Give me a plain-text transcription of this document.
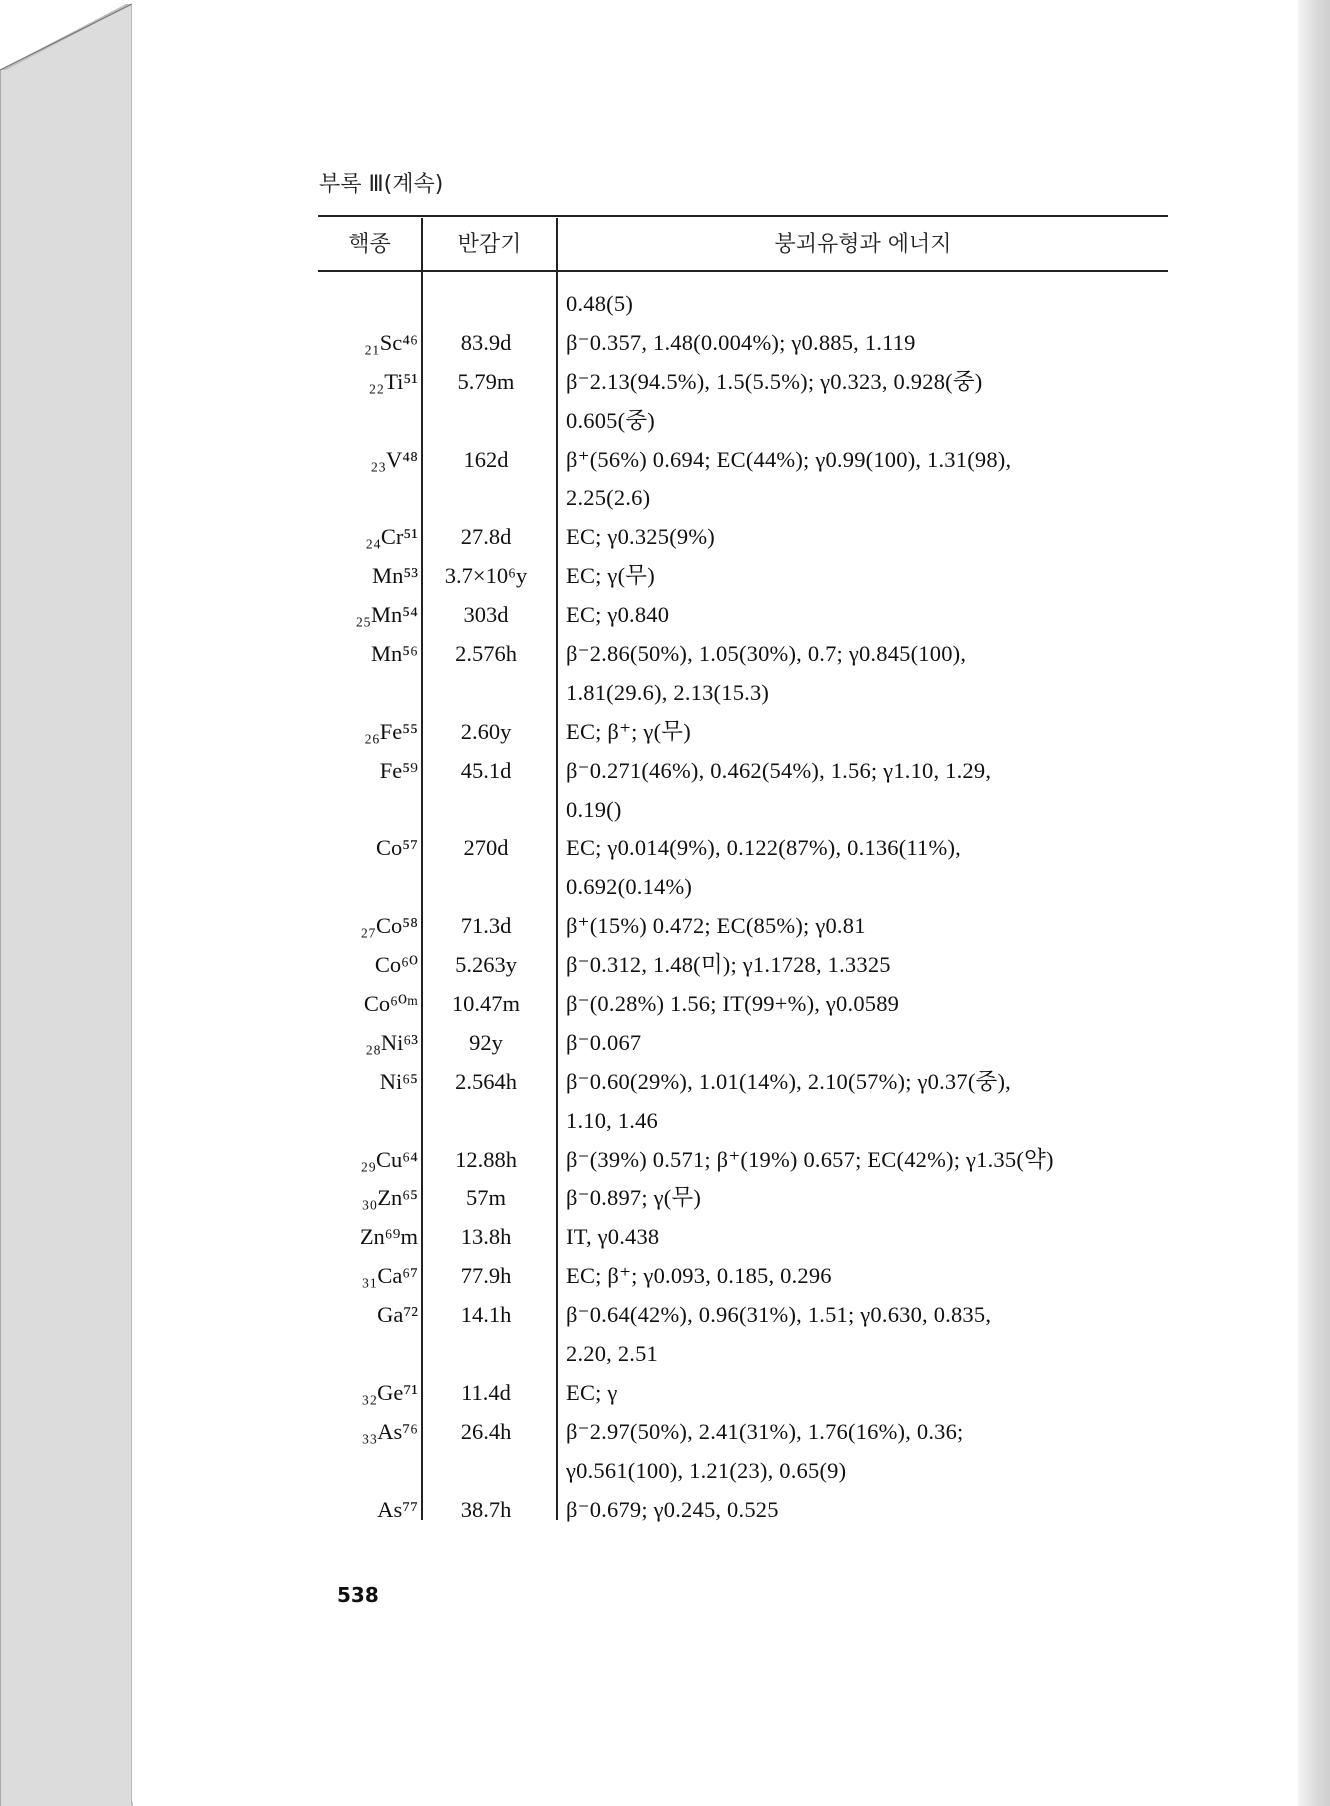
부록 Ⅲ(계속)
핵종	반감기	붕괴유형과 에너지
0.48(5)
₂₁Sc⁴⁶	83.9d	β⁻0.357, 1.48(0.004%); γ0.885, 1.119
₂₂Ti⁵¹	5.79m	β⁻2.13(94.5%), 1.5(5.5%); γ0.323, 0.928(중)
0.605(중)
₂₃V⁴⁸	162d	β⁺(56%) 0.694; EC(44%); γ0.99(100), 1.31(98),
2.25(2.6)
₂₄Cr⁵¹	27.8d	EC; γ0.325(9%)
Mn⁵³	3.7×10⁶y	EC; γ(무)
₂₅Mn⁵⁴	303d	EC; γ0.840
Mn⁵⁶	2.576h	β⁻2.86(50%), 1.05(30%), 0.7; γ0.845(100),
1.81(29.6), 2.13(15.3)
₂₆Fe⁵⁵	2.60y	EC; β⁺; γ(무)
Fe⁵⁹	45.1d	β⁻0.271(46%), 0.462(54%), 1.56; γ1.10, 1.29,
0.19()
Co⁵⁷	270d	EC; γ0.014(9%), 0.122(87%), 0.136(11%),
0.692(0.14%)
₂₇Co⁵⁸	71.3d	β⁺(15%) 0.472; EC(85%); γ0.81
Co⁶⁰	5.263y	β⁻0.312, 1.48(미); γ1.1728, 1.3325
Co⁶⁰ᵐ	10.47m	β⁻(0.28%) 1.56; IT(99+%), γ0.0589
₂₈Ni⁶³	92y	β⁻0.067
Ni⁶⁵	2.564h	β⁻0.60(29%), 1.01(14%), 2.10(57%); γ0.37(중),
1.10, 1.46
₂₉Cu⁶⁴	12.88h	β⁻(39%) 0.571; β⁺(19%) 0.657; EC(42%); γ1.35(약)
₃₀Zn⁶⁵	57m	β⁻0.897; γ(무)
Zn⁶⁹m	13.8h	IT, γ0.438
₃₁Ca⁶⁷	77.9h	EC; β⁺; γ0.093, 0.185, 0.296
Ga⁷²	14.1h	β⁻0.64(42%), 0.96(31%), 1.51; γ0.630, 0.835,
2.20, 2.51
₃₂Ge⁷¹	11.4d	EC; γ
₃₃As⁷⁶	26.4h	β⁻2.97(50%), 2.41(31%), 1.76(16%), 0.36;
γ0.561(100), 1.21(23), 0.65(9)
As⁷⁷	38.7h	β⁻0.679; γ0.245, 0.525
538
